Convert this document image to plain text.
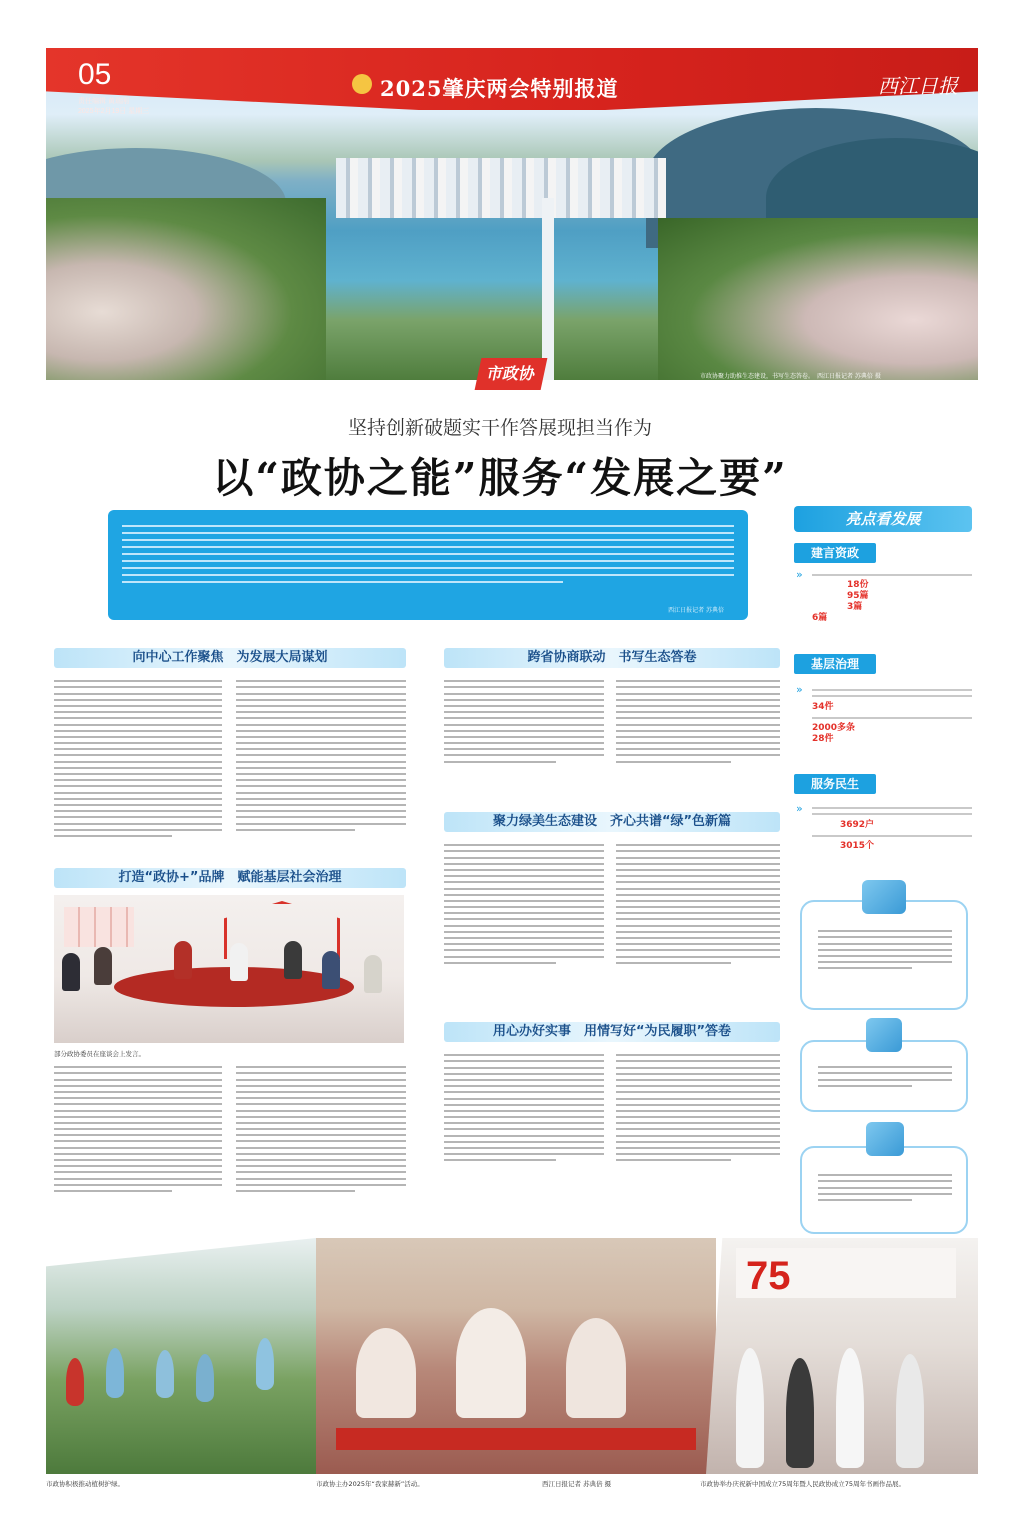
05
责任编辑 黄瑞刚
2025年2月19日 星期三
2025肇庆两会特别报道	西江日报
市政协	市政协聚力助推生态建设，书写生态答卷。　西江日报记者 苏典倍 摄
坚持创新破题实干作答展现担当作为
以“政协之能”服务“发展之要”
西江日报记者 苏典倍
亮点看发展
建言资政
»
　　　　　18份
　　　　　95篇
　　　　　3篇
6篇
基层治理
»
34件
2000多条
28件
服务民生
»
　　　　3692户
　　　　3015个
向中心工作聚焦　为发展大局谋划
打造“政协+”品牌　赋能基层社会治理
部分政协委员在座谈会上发言。
跨省协商联动　书写生态答卷
聚力绿美生态建设　齐心共谱“绿”色新篇
用心办好实事　用情写好“为民履职”答卷
75
市政协积极推动植树护绿。	市政协主办2025年“我家赫新”活动。	西江日报记者 苏典倍 摄	市政协举办庆祝新中国成立75周年暨人民政协成立75周年书画作品展。
